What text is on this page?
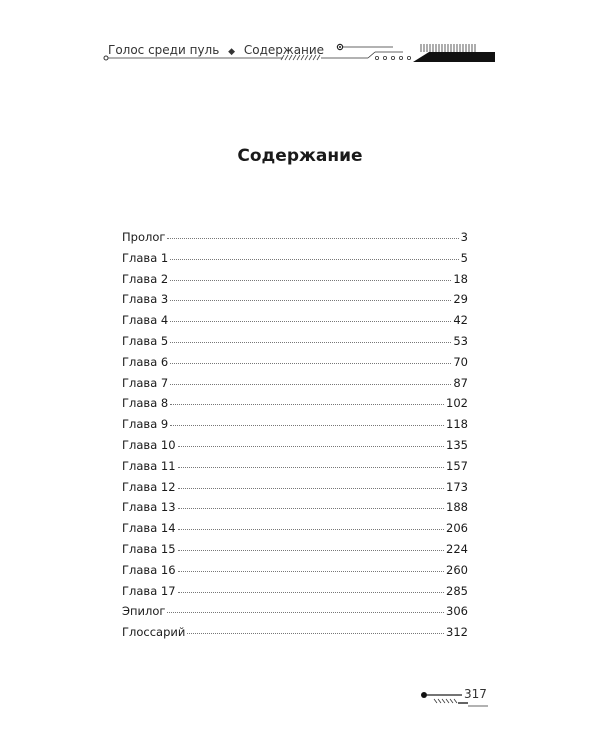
Голос среди пуль ◆ Содержание
Содержание
Пролог	3
Глава 1	5
Глава 2	18
Глава 3	29
Глава 4	42
Глава 5	53
Глава 6	70
Глава 7	87
Глава 8	102
Глава 9	118
Глава 10	135
Глава 11	157
Глава 12	173
Глава 13	188
Глава 14	206
Глава 15	224
Глава 16	260
Глава 17	285
Эпилог	306
Глоссарий	312
317
